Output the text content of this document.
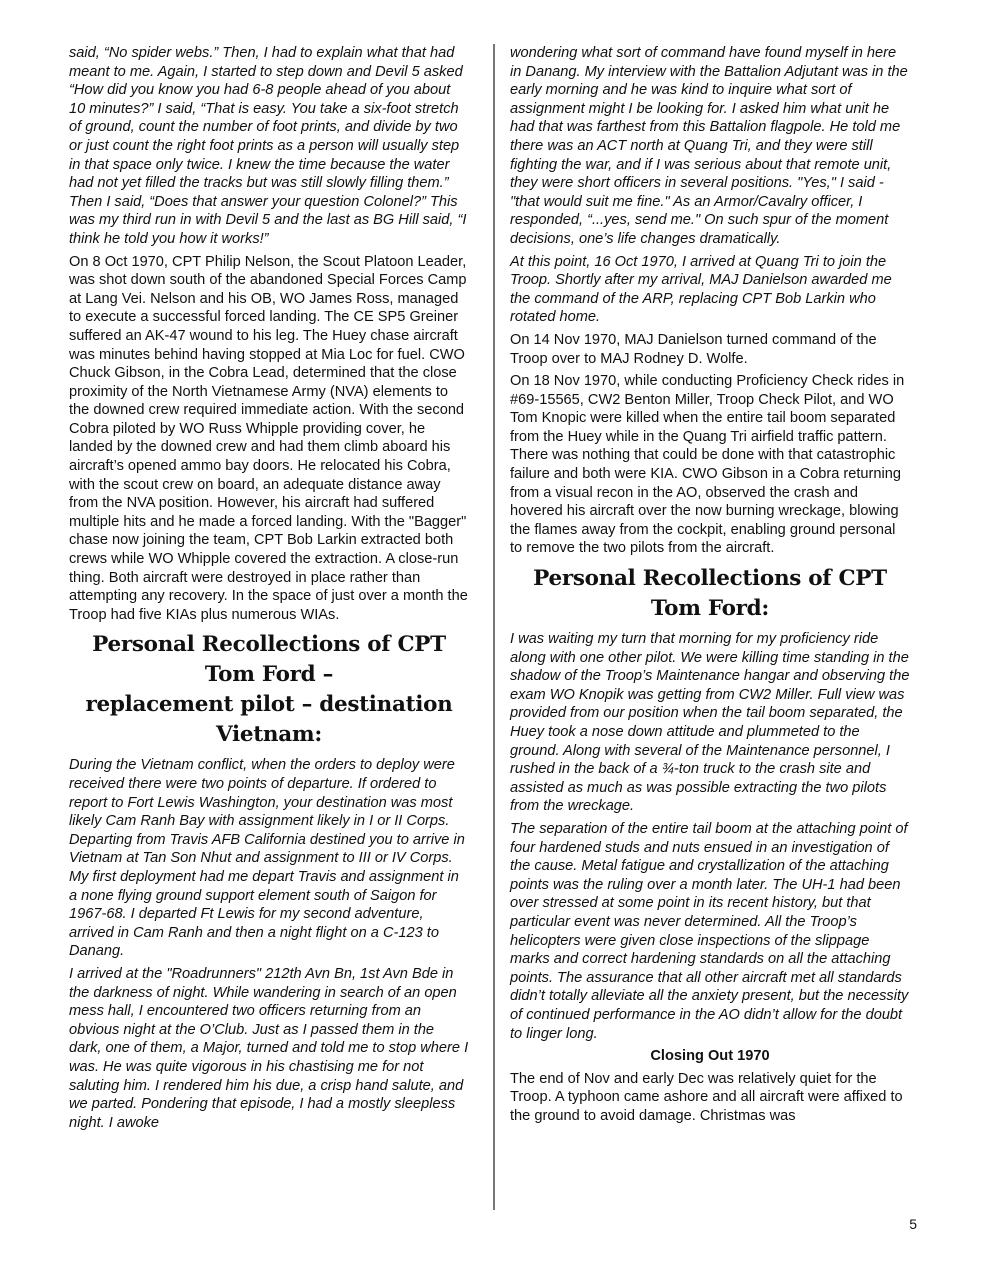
said, “No spider webs.” Then, I had to explain what that had meant to me. Again, I started to step down and Devil 5 asked “How did you know you had 6-8 people ahead of you about 10 minutes?” I said, “That is easy. You take a six-foot stretch of ground, count the number of foot prints, and divide by two or just count the right foot prints as a person will usually step in that space only twice. I knew the time because the water had not yet filled the tracks but was still slowly filling them.” Then I said, “Does that answer your question Colonel?” This was my third run in with Devil 5 and the last as BG Hill said, “I think he told you how it works!”

On 8 Oct 1970, CPT Philip Nelson, the Scout Platoon Leader, was shot down south of the abandoned Special Forces Camp at Lang Vei. Nelson and his OB, WO James Ross, managed to execute a successful forced landing. The CE SP5 Greiner suffered an AK-47 wound to his leg. The Huey chase aircraft was minutes behind having stopped at Mia Loc for fuel. CWO Chuck Gibson, in the Cobra Lead, determined that the close proximity of the North Vietnamese Army (NVA) elements to the downed crew required immediate action. With the second Cobra piloted by WO Russ Whipple providing cover, he landed by the downed crew and had them climb aboard his aircraft’s opened ammo bay doors. He relocated his Cobra, with the scout crew on board, an adequate distance away from the NVA position. However, his aircraft had suffered multiple hits and he made a forced landing. With the "Bagger" chase now joining the team, CPT Bob Larkin extracted both crews while WO Whipple covered the extraction. A close-run thing. Both aircraft were destroyed in place rather than attempting any recovery. In the space of just over a month the Troop had five KIAs plus numerous WIAs.

Personal Recollections of CPT Tom Ford –
replacement pilot – destination Vietnam:

During the Vietnam conflict, when the orders to deploy were received there were two points of departure. If ordered to report to Fort Lewis Washington, your destination was most likely Cam Ranh Bay with assignment likely in I or II Corps. Departing from Travis AFB California destined you to arrive in Vietnam at Tan Son Nhut and assignment to III or IV Corps. My first deployment had me depart Travis and assignment in a none flying ground support element south of Saigon for 1967-68. I departed Ft Lewis for my second adventure, arrived in Cam Ranh and then a night flight on a C-123 to Danang.

I arrived at the "Roadrunners" 212th Avn Bn, 1st Avn Bde in the darkness of night. While wandering in search of an open mess hall, I encountered two officers returning from an obvious night at the O’Club. Just as I passed them in the dark, one of them, a Major, turned and told me to stop where I was. He was quite vigorous in his chastising me for not saluting him. I rendered him his due, a crisp hand salute, and we parted. Pondering that episode, I had a mostly sleepless night. I awoke

wondering what sort of command have found myself in here in Danang. My interview with the Battalion Adjutant was in the early morning and he was kind to inquire what sort of assignment might I be looking for. I asked him what unit he had that was farthest from this Battalion flagpole. He told me there was an ACT north at Quang Tri, and they were still fighting the war, and if I was serious about that remote unit, they were short officers in several positions. "Yes," I said - "that would suit me fine." As an Armor/Cavalry officer, I responded, “...yes, send me." On such spur of the moment decisions, one’s life changes dramatically.

At this point, 16 Oct 1970, I arrived at Quang Tri to join the Troop. Shortly after my arrival, MAJ Danielson awarded me the command of the ARP, replacing CPT Bob Larkin who rotated home.

On 14 Nov 1970, MAJ Danielson turned command of the Troop over to MAJ Rodney D. Wolfe.

On 18 Nov 1970, while conducting Proficiency Check rides in #69-15565, CW2 Benton Miller, Troop Check Pilot, and WO Tom Knopic were killed when the entire tail boom separated from the Huey while in the Quang Tri airfield traffic pattern. There was nothing that could be done with that catastrophic failure and both were KIA. CWO Gibson in a Cobra returning from a visual recon in the AO, observed the crash and hovered his aircraft over the now burning wreckage, blowing the flames away from the cockpit, enabling ground personal to remove the two pilots from the aircraft.

Personal Recollections of CPT Tom Ford:

I was waiting my turn that morning for my proficiency ride along with one other pilot. We were killing time standing in the shadow of the Troop’s Maintenance hangar and observing the exam WO Knopik was getting from CW2 Miller. Full view was provided from our position when the tail boom separated, the Huey took a nose down attitude and plummeted to the ground. Along with several of the Maintenance personnel, I rushed in the back of a ¾-ton truck to the crash site and assisted as much as was possible extracting the two pilots from the wreckage.

The separation of the entire tail boom at the attaching point of four hardened studs and nuts ensued in an investigation of the cause. Metal fatigue and crystallization of the attaching points was the ruling over a month later. The UH-1 had been over stressed at some point in its recent history, but that particular event was never determined. All the Troop’s helicopters were given close inspections of the slippage marks and correct hardening standards on all the attaching points. The assurance that all other aircraft met all standards didn’t totally alleviate all the anxiety present, but the necessity of continued performance in the AO didn’t allow for the doubt to linger long.

Closing Out 1970

The end of Nov and early Dec was relatively quiet for the Troop. A typhoon came ashore and all aircraft were affixed to the ground to avoid damage. Christmas was

5
